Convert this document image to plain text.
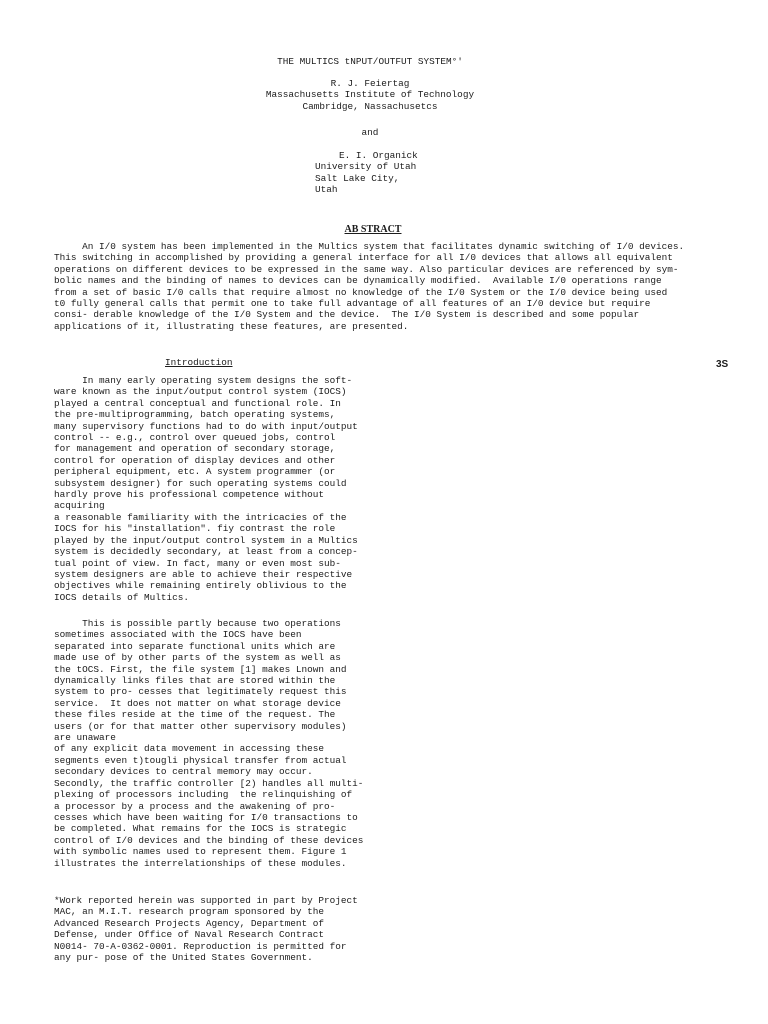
THE MULTICS tNPUT/OUTFUT SYSTEM°'
R. J. Feiertag
Massachusetts Institute of Technology
Cambridge, Nassachusetcs
and
E. I. Organick
University of Utah
Salt Lake City,
Utah
AB STRACT
An I/0 system has been implemented in the Multics system that facilitates dynamic switching of I/0 devices.
This switching in accomplished by providing a general interface for all I/0 devices that allows all equivalent
operations on different devices to be expressed in the same way. Also particular devices are referenced by sym-
bolic names and the binding of names to devices can be dynamically modified.  Available I/0 operations range
from a set of basic I/0 calls that require almost no knowledge of the I/0 System or the I/0 device being used
t0 fully general calls that permit one to take full advantage of all features of an I/0 device but require
consi- derable knowledge of the I/0 System and the device.  The I/0 System is described and some popular
applications of it, illustrating these features, are presented.
Introduction	3S
In many early operating system designs the soft-
ware known as the input/output control system (IOCS)
played a central conceptual and functional role. In
the pre-multiprogramming, batch operating systems,
many supervisory functions had to do with input/output
control -- e.g., control over queued jobs, control
for management and operation of secondary storage,
control for operation of display devices and other
peripheral equipment, etc. A system programmer (or
subsystem designer) for such operating systems could
hardly prove his professional competence without
acquiring
a reasonable familiarity with the intricacies of the
IOCS for his "installation". fiy contrast the role
played by the input/output control system in a Multics
system is decidedly secondary, at least from a concep-
tual point of view. In fact, many or even most sub-
system designers are able to achieve their respective
objectives while remaining entirely oblivious to the
IOCS details of Multics.
This is possible partly because two operations
sometimes associated with the IOCS have been
separated into separate functional units which are
made use of by other parts of the system as well as
the tOCS. First, the file system [1] makes Lnown and
dynamically links files that are stored within the
system to pro- cesses that legitimately request this
service.  It does not matter on what storage device
these files reside at the time of the request. The
users (or for that matter other supervisory modules)
are unaware
of any explicit data movement in accessing these
segments even t)tougli physical transfer from actual
secondary devices to central memory may occur.
Secondly, the traffic controller [2) handles all multi-
plexing of processors including  the relinquishing of
a processor by a process and the awakening of pro-
cesses which have been waiting for I/0 transactions to
be completed. What remains for the IOCS is strategic
control of I/0 devices and the binding of these devices
with symbolic names used to represent them. Figure 1
illustrates the interrelationships of these modules.
*Work reported herein was supported in part by Project
MAC, an M.I.T. research program sponsored by the
Advanced Research Projects Agency, Department of
Defense, under Office of Naval Research Contract
N0014- 70-A-0362-0001. Reproduction is permitted for
any pur- pose of the United States Government.
